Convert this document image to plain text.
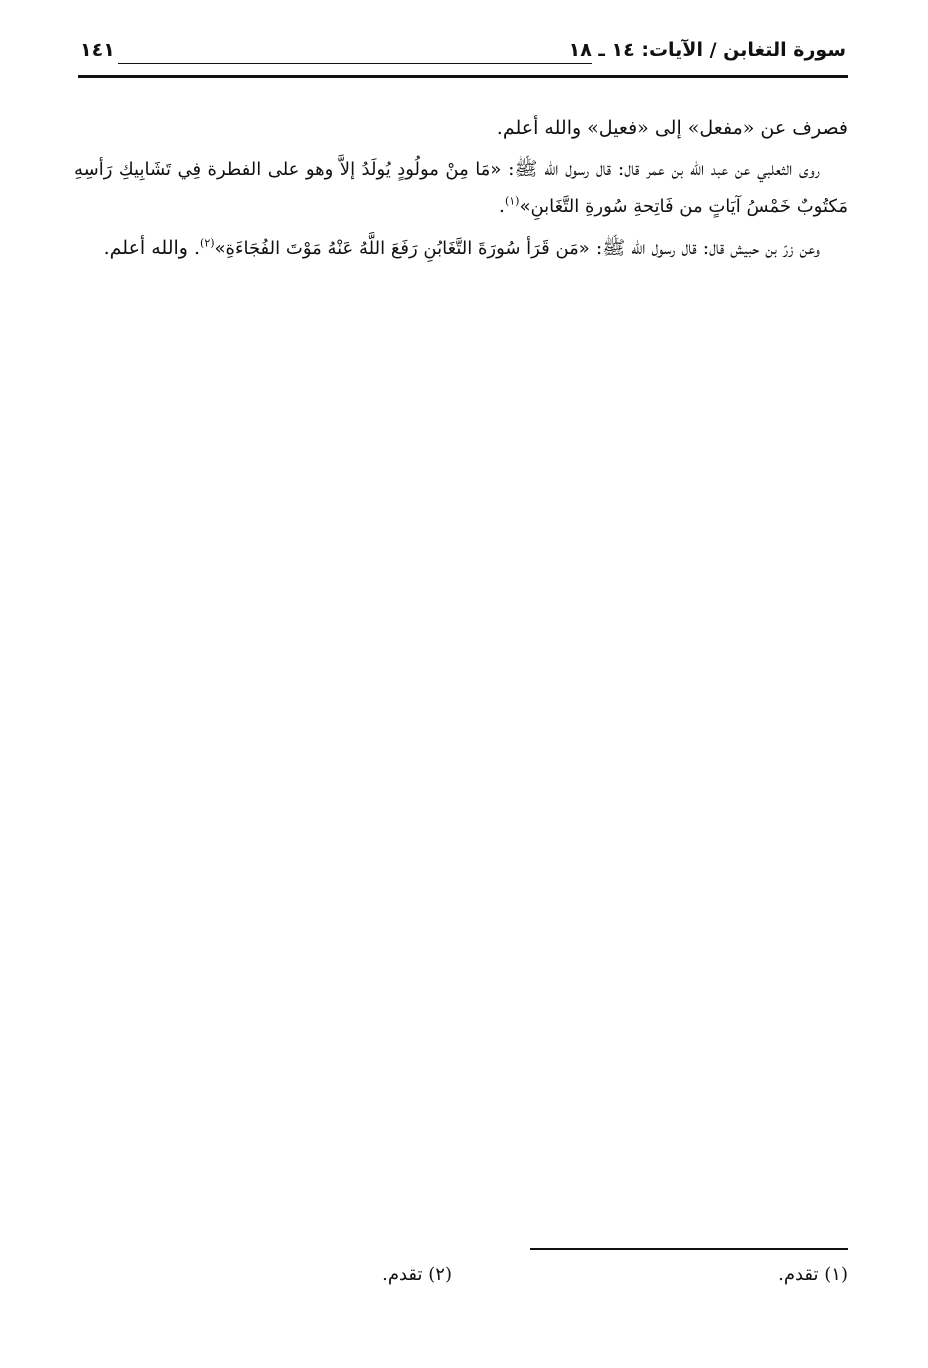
سورة التغابن / الآيات: ١٤ ـ ١٨
١٤١

فصرف عن «مفعل» إلى «فعيل» والله أعلم.

روى الثعلبي عن عبد الله بن عمر قال: قال رسول الله ﷺ: «مَا مِنْ مولُودٍ يُولَدُ إلاَّ وهو على الفطرة فِي تَشَابِيكِ رَأسِهِ مَكتُوبٌ خَمْسُ آيَاتٍ من فَاتِحةِ سُورةِ التَّغَابنِ»$^{(١)}$.

وعن زرّ بن حبيش قال: قال رسول الله ﷺ: «مَن قَرَأ سُورَةَ التَّغَابُنِ رَفَعَ اللَّهُ عَنْهُ مَوْتَ الفُجَاءَةِ»$^{(٢)}$. والله أعلم.

(١) تقدم.
(٢) تقدم.
